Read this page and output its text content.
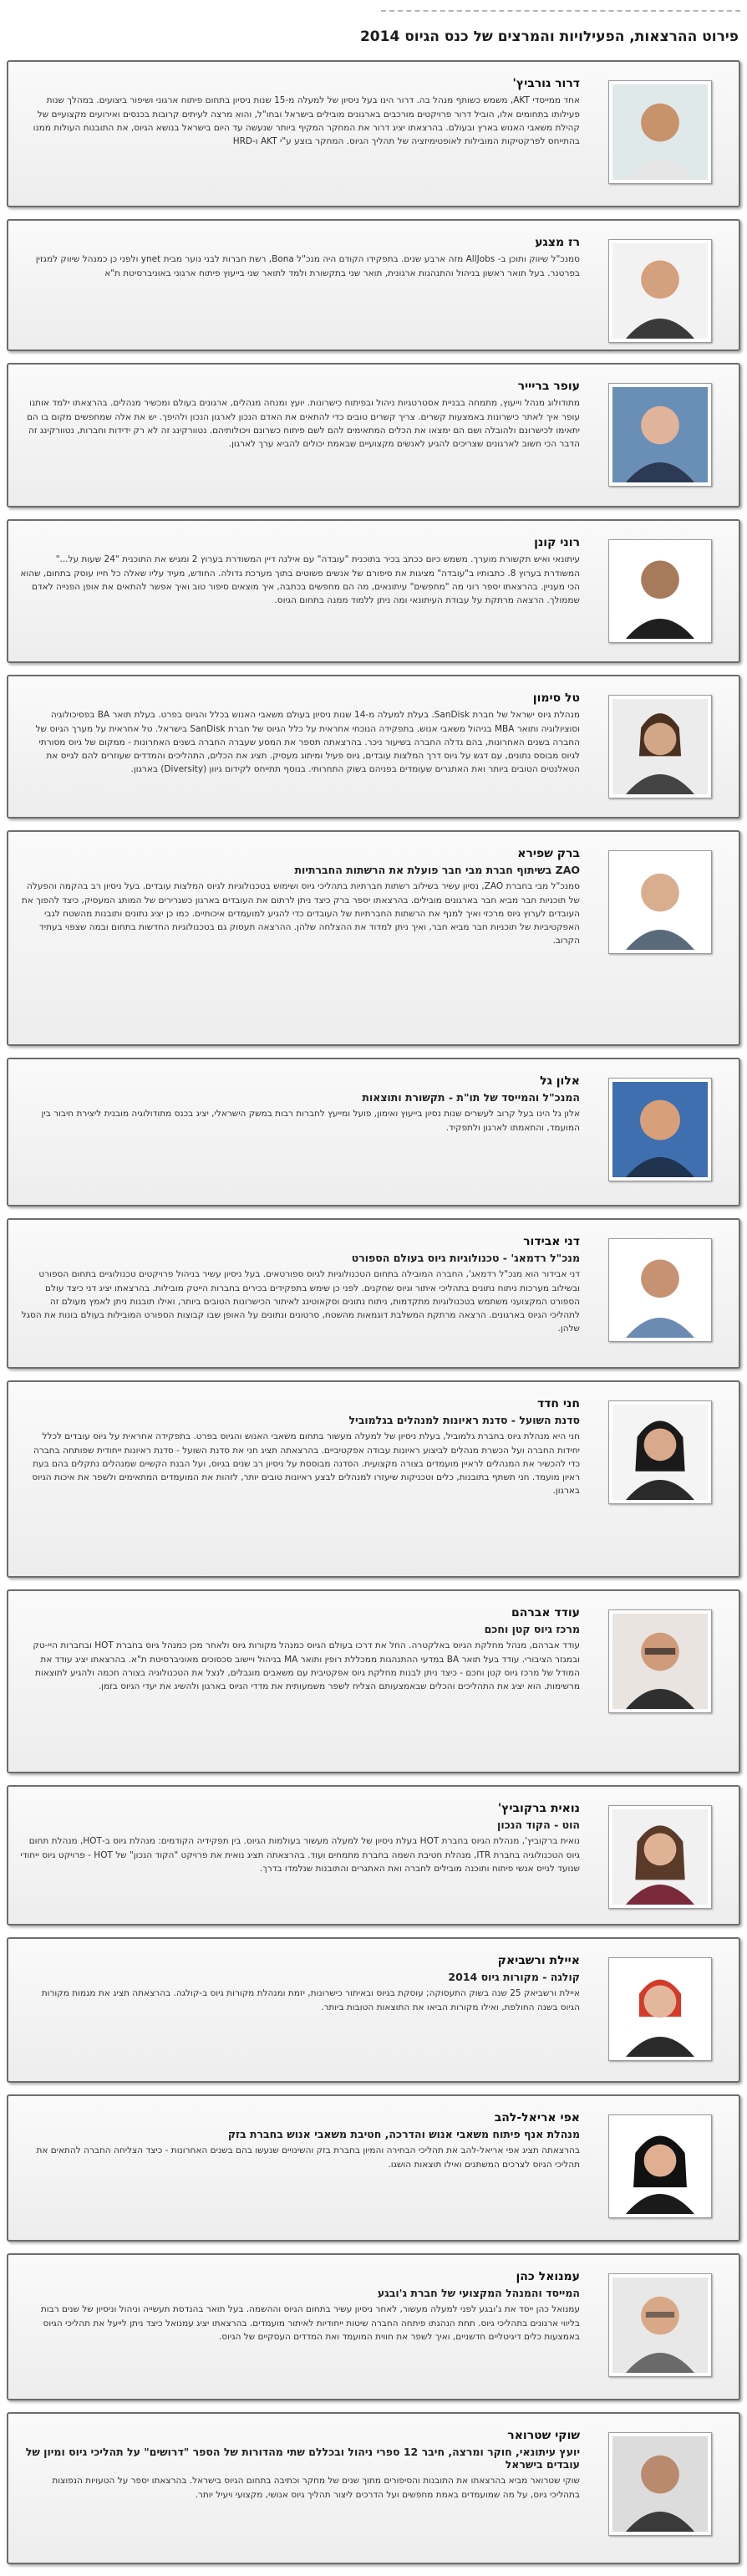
פירוט ההרצאות, הפעילויות והמרצים של כנס הגיוס 2014
דרור גורביץ'
אחד ממייסדי AKT, משמש כשותף מנהל בה. דרור הינו בעל ניסיון של למעלה מ-15 שנות ניסיון בתחום פיתוח ארגוני ושיפור ביצועים. במהלך שנות פעילותו בתחומים אלו, הוביל דרור פרויקטים מורכבים בארגונים מובילים בישראל ובחו"ל, והוא מרצה לעיתים קרובות בכנסים ואירועים מקצועיים של קהילת משאבי האנוש בארץ ובעולם. בהרצאתו יציג דרור את המחקר המקיף ביותר שנעשה עד היום בישראל בנושא הגיוס, את התובנות העולות ממנו בהתייחס לפרקטיקות המובילות לאופטימיזציה של תהליך הגיוס. המחקר בוצע ע"י AKT ו-HRD
רז מצגע
סמנכ"ל שיווק ותוכן ב- AllJobs מזה ארבע שנים. בתפקידו הקודם היה מנכ"ל Bona, רשת חברות לבני נוער מבית ynet ולפני כן כמנהל שיווק למגזין בפרטנר. בעל תואר ראשון בניהול והתנהגות ארגונית, תואר שני בתקשורת ולמד לתואר שני בייעוץ פיתוח ארגוני באוניברסיטת ת"א
עופר בריייר
מתודולוג מנהל וייעוץ, מתמחה בבניית אסטרטגיות ניהול ובפיתוח כישרונות. יועץ ומנחה מנהלים, ארגונים בעולם ומכשיר מנהלים. בהרצאתו ילמד אותנו עופר איך לאתר כישרונות באמצעות קשרים. צריך קשרים טובים כדי להתאים את האדם הנכון לארגון הנכון ולהיפך. יש את אלה שמחפשים מקום בו הם יתאימו לכישרונם ולהובלה ושם הם ימצאו את הכלים המתאימים להם לשם פיתוח כשרונם ויכולותיהם. נטוורקינג זה לא רק ידידות וחברות, נטוורקינג זה הדבר הכי חשוב לארגונים שצריכים להגיע לאנשים מקצועיים שבאמת יכולים להביא ערך לארגון.
רוני קונן
עיתונאי ואיש תקשורת מוערך. משמש כיום ככתב בכיר בתוכנית "עובדה" עם אילנה דיין המשודרת בערוץ 2 ומגיש את התוכנית "24 שעות על..." המשודרת בערוץ 8. כתבותיו ב"עובדה" מציגות את סיפורם של אנשים פשוטים בתוך מערכת גדולה. החודש, מעיד עליו שאלה כל חייו עוסק בתחום, שהוא הכי מעניין. בהרצאתו יספר רוני מה "מחפשים" עיתונאים, מה הם מחפשים בכתבה, איך מוצאים סיפור טוב ואיך אפשר להתאים את אופן הפנייה לאדם שממולך. הרצאה מרתקת על עבודת העיתונאי ומה ניתן ללמוד ממנה בתחום הגיוס.
טל סימון
מנהלת גיוס ישראל של חברת SanDisk. בעלת למעלה מ-14 שנות ניסיון בעולם משאבי האנוש בכלל והגיוס בפרט. בעלת תואר BA בפסיכולוגיה וסוציולוגיה ותואר MBA בניהול משאבי אנוש. בתפקידה הנוכחי אחראית על כלל הגיוס של חברת SanDisk בישראל. טל אחראית על מערך הגיוס של החברה בשנים האחרונות, בהם גדלה החברה בשיעור ניכר. בהרצאתה תספר את המסע שעברה החברה בשנים האחרונות - ממקום של גיוס מסורתי לגיוס מבוסס נתונים, עם דגש על גיוס דרך המלצות עובדים, גיוס פעיל ומיתוג מעסיק. תציג את הכלים, התהליכים והמדדים שעוזרים להם לגייס את הטאלנטים הטובים ביותר ואת האתגרים שעומדים בפניהם בשוק התחרותי. בנוסף תתייחס לקידום גיוון (Diversity) בארגון.
ברק שפירא
ZAO בשיתוף חברת מבי חבר פועלת את הרשתות החברתיות
סמנכ"ל מבי בחברת ZAO, נסיון עשיר בשילוב רשתות חברתיות בתהליכי גיוס ושימוש בטכנולוגיות לגיוס המלצות עובדים. בעל ניסיון רב בהקמה והפעלה של תוכניות חבר מביא חבר בארגונים מובילים. בהרצאתו יספר ברק כיצד ניתן לרתום את העובדים בארגון כשגרירים של המותג המעסיק, כיצד להפוך את העובדים לערוץ גיוס מרכזי ואיך למנף את הרשתות החברתיות של העובדים כדי להגיע למועמדים איכותיים. כמו כן יציג נתונים ותובנות מהשטח לגבי האפקטיביות של תוכניות חבר מביא חבר, ואיך ניתן למדוד את ההצלחה שלהן. ההרצאה תעסוק גם בטכנולוגיות החדשות בתחום ובמה שצפוי בעתיד הקרוב.
אלון גל
המנכ"ל והמייסד של תו"ת - תקשורת ותוצאות
אלון גל הינו בעל קרוב לעשרים שנות נסיון בייעוץ ואימון, פועל ומייעץ לחברות רבות במשק הישראלי, יציג בכנס מתודולוגיה מובנית ליצירת חיבור בין המועמד, והתאמתו לארגון ולתפקיד.
דני אבידור
מנכ"ל רדמאג' - טכנולוגיות גיוס בעולם הספורט
דני אבידור הוא מנכ"ל רדמאג', החברה המובילה בתחום הטכנולוגיות לגיוס ספורטאים. בעל ניסיון עשיר בניהול פרויקטים טכנולוגיים בתחום הספורט ובשילוב מערכות ניתוח נתונים בתהליכי איתור וגיוס שחקנים. לפני כן שימש בתפקידים בכירים בחברות הייטק מובילות. בהרצאתו יציג דני כיצד עולם הספורט המקצועני משתמש בטכנולוגיות מתקדמות, ניתוח נתונים וסקאוטינג לאיתור הכישרונות הטובים ביותר, ואילו תובנות ניתן לאמץ מעולם זה לתהליכי הגיוס בארגונים. הרצאה מרתקת המשלבת דוגמאות מהשטח, סרטונים ונתונים על האופן שבו קבוצות הספורט המובילות בעולם בונות את הסגל שלהן.
חני חדד
סדנת השועל - סדנת ראיונות למנהלים בגלמוביל
חני היא מנהלת גיוס בחברת גלמוביל, בעלת ניסיון של למעלה מעשור בתחום משאבי האנוש והגיוס בפרט. בתפקידה אחראית על גיוס עובדים לכלל יחידות החברה ועל הכשרת מנהלים לביצוע ראיונות עבודה אפקטיביים. בהרצאתה תציג חני את סדנת השועל - סדנת ראיונות ייחודית שפותחה בחברה כדי להכשיר את המנהלים לראיין מועמדים בצורה מקצועית. הסדנה מבוססת על ניסיון רב שנים בגיוס, ועל הבנת הקשיים שמנהלים נתקלים בהם בעת ראיון מועמד. חני תשתף בתובנות, כלים וטכניקות שיעזרו למנהלים לבצע ראיונות טובים יותר, לזהות את המועמדים המתאימים ולשפר את איכות הגיוס בארגון.
עודד אברהם
מרכז גיוס קטן וחכם
עודד אברהם, מנהל מחלקת הגיוס באלקטרה. החל את דרכו בעולם הגיוס כמנהל מקורות גיוס ולאחר מכן כמנהל גיוס בחברת HOT ובחברות היי-טק ובמגזר הציבורי. עודד בעל תואר BA במדעי ההתנהגות ממכללת רופין ותואר MA בניהול ויישוב סכסוכים מאוניברסיטת ת"א. בהרצאתו יציג עודד את המודל של מרכז גיוס קטן וחכם - כיצד ניתן לבנות מחלקת גיוס אפקטיבית עם משאבים מוגבלים, לנצל את הטכנולוגיה בצורה חכמה ולהגיע לתוצאות מרשימות. הוא יציג את התהליכים והכלים שבאמצעותם הצליח לשפר משמעותית את מדדי הגיוס בארגון ולהשיג את יעדי הגיוס בזמן.
נואית ברקוביץ'
הוט - הקוד הנכון
נואית ברקוביץ', מנהלת הגיוס בחברת HOT בעלת ניסיון של למעלה מעשור בעולמות הגיוס. בין תפקידיה הקודמים: מנהלת גיוס ב-HOT, מנהלת תחום גיוס הטכנולוגיה בחברת ITR, מנהלת חטיבת השמה בחברת מתמחים ועוד. בהרצאתה תציג נואית את פרויקט "הקוד הנכון" של HOT - פרויקט גיוס ייחודי שנועד לגייס אנשי פיתוח ותוכנה מובילים לחברה ואת האתגרים והתובנות שנלמדו בדרך.
איילת ורשביאק
קולגה - מקורות גיוס 2014
איילת ורשביאק 25 שנה בשוק התעסוקה; עוסקת בגיוס ובאיתור כישרונות, יזמת ומנהלת מקורות גיוס ב-קולגה. בהרצאתה תציג את מגמות מקורות הגיוס בשנה החולפת, ואילו מקורות הביאו את התוצאות הטובות ביותר.
אפי אריאל-להב
מנהלת אנף פיתוח משאבי אנוש והדרכה, חטיבת משאבי אנוש בחברת בזק
בהרצאתה תציג אפי אריאל-להב את תהליכי הבחירה והמיון בחברת בזק והשינויים שנעשו בהם בשנים האחרונות - כיצד הצליחה החברה להתאים את תהליכי הגיוס לצרכים המשתנים ואילו תוצאות הושגו.
עמנואל כהן
המייסד והמנהל המקצועי של חברת ג'ובגע
עמנואל כהן ייסד את ג'ובגע לפני למעלה מעשור, לאחר ניסיון עשיר בתחום הגיוס וההשמה. בעל תואר בהנדסת תעשייה וניהול וניסיון של שנים רבות בליווי ארגונים בתהליכי גיוס. תחת הנהגתו פיתחה החברה שיטות ייחודיות לאיתור מועמדים. בהרצאתו יציג עמנואל כיצד ניתן לייעל את תהליכי הגיוס באמצעות כלים דיגיטליים חדשניים, ואיך לשפר את חווית המועמד ואת המדדים העסקיים של הגיוס.
שוקי שטרואר
יועץ עיתונאי, חוקר ומרצה, חיבר 12 ספרי ניהול ובכללם שתי מהדורות של הספר "דרושים" על תהליכי גיוס ומיון של עובדים בישראל
שוקי שטרואר מביא בהרצאתו את התובנות והסיפורים מתוך שנים של מחקר וכתיבה בתחום הגיוס בישראל. בהרצאתו יספר על הטעויות הנפוצות בתהליכי גיוס, על מה שמועמדים באמת מחפשים ועל הדרכים ליצור תהליך גיוס אנושי, מקצועי ויעיל יותר.
